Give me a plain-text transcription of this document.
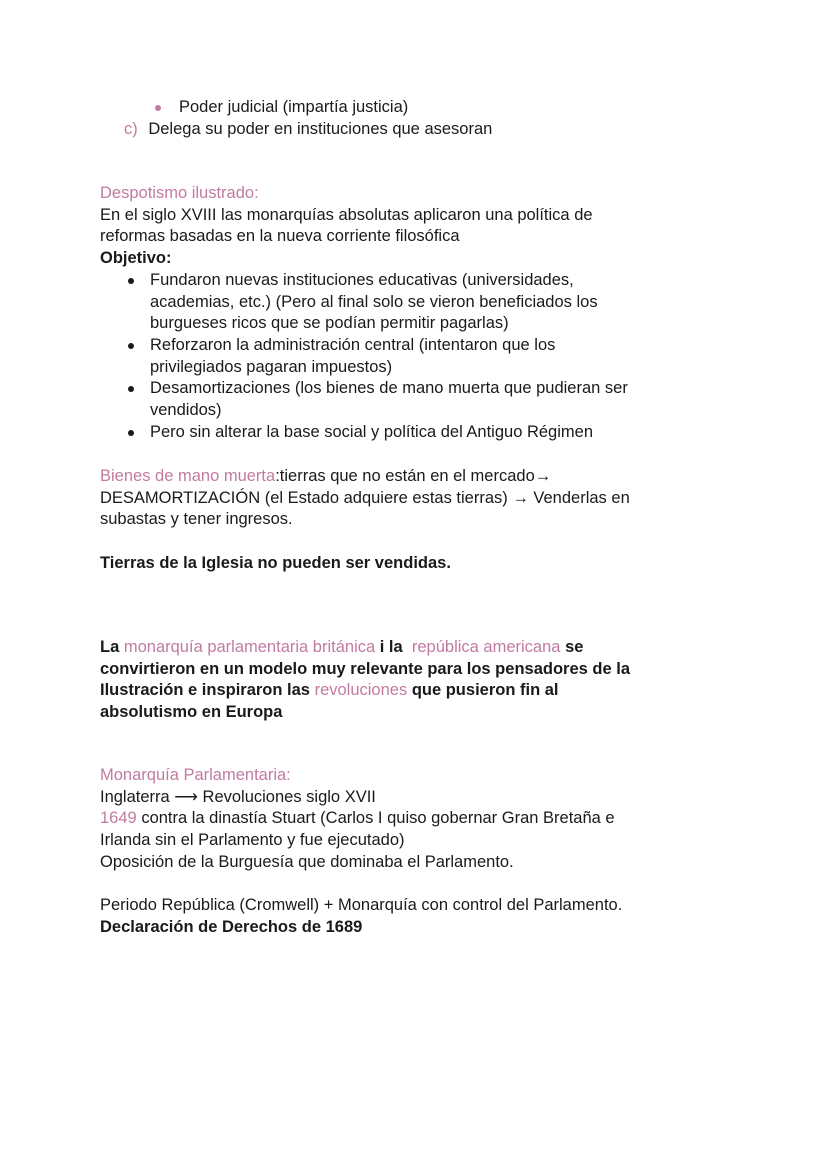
Poder judicial (impartía justicia)
c) Delega su poder en instituciones que asesoran
Despotismo ilustrado:
En el siglo XVIII las monarquías absolutas aplicaron una política de
reformas basadas en la nueva corriente filosófica
Objetivo:
Fundaron nuevas instituciones educativas (universidades,
academias, etc.) (Pero al final solo se vieron beneficiados los
burgueses ricos que se podían permitir pagarlas)
Reforzaron la administración central (intentaron que los
privilegiados pagaran impuestos)
Desamortizaciones (los bienes de mano muerta que pudieran ser
vendidos)
Pero sin alterar la base social y política del Antiguo Régimen
Bienes de mano muerta:tierras que no están en el mercado→
DESAMORTIZACIÓN (el Estado adquiere estas tierras) → Venderlas en
subastas y tener ingresos.
Tierras de la Iglesia no pueden ser vendidas.
La monarquía parlamentaria británica i la república americana se
convirtieron en un modelo muy relevante para los pensadores de la
Ilustración e inspiraron las revoluciones que pusieron fin al
absolutismo en Europa
Monarquía Parlamentaria:
Inglaterra ⟶ Revoluciones siglo XVII
1649 contra la dinastía Stuart (Carlos I quiso gobernar Gran Bretaña e
Irlanda sin el Parlamento y fue ejecutado)
Oposición de la Burguesía que dominaba el Parlamento.
Periodo República (Cromwell) + Monarquía con control del Parlamento.
Declaración de Derechos de 1689
